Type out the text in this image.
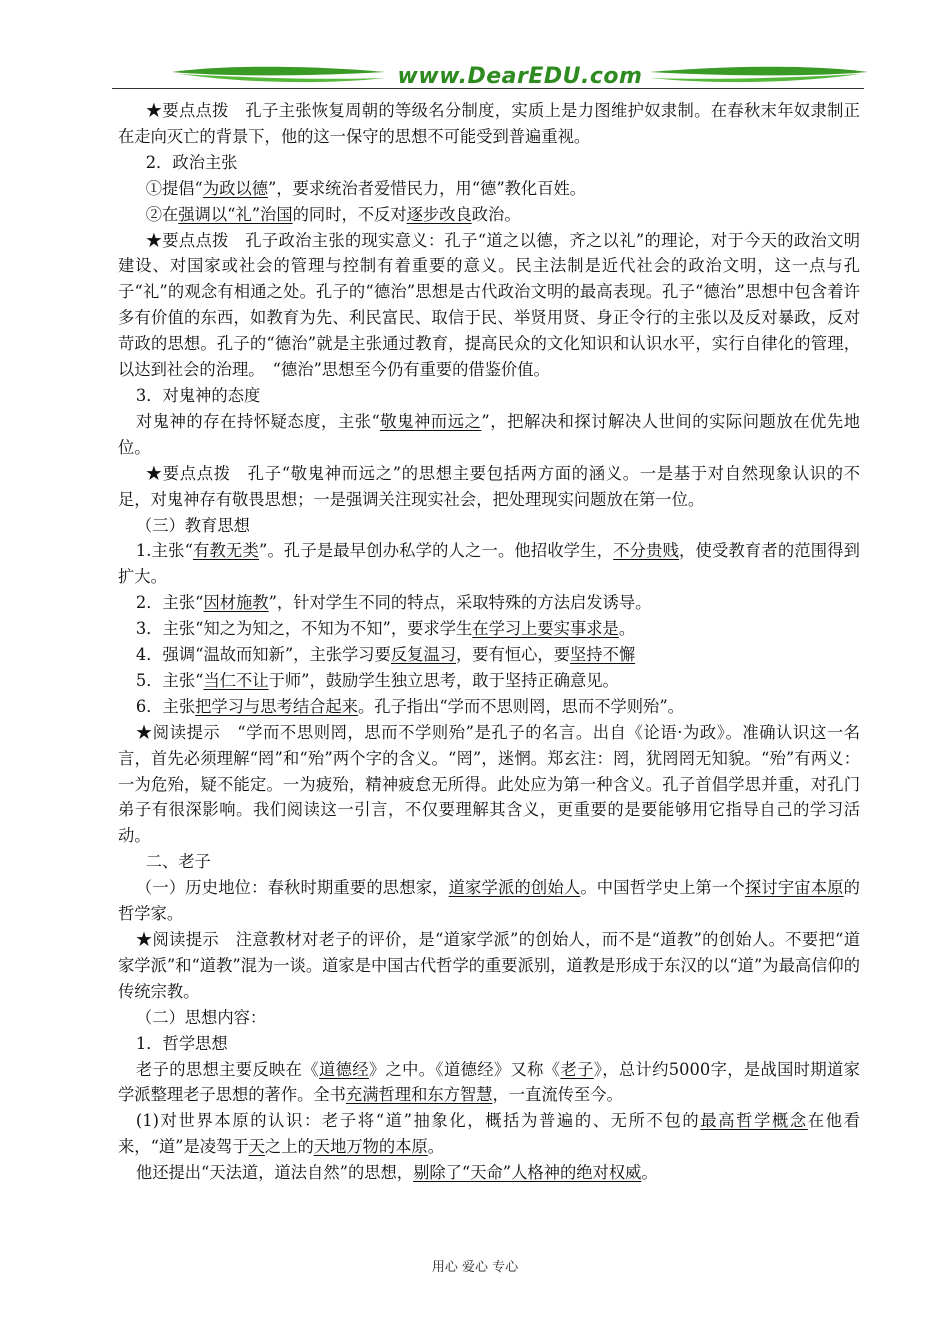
www.DearEDU.com

★要点点拨　孔子主张恢复周朝的等级名分制度，实质上是力图维护奴隶制。在春秋末年奴隶制正在走向灭亡的背景下，他的这一保守的思想不可能受到普遍重视。

2．政治主张

①提倡“为政以德”，要求统治者爱惜民力，用“德”教化百姓。

②在强调以“礼”治国的同时，不反对逐步改良政治。

★要点点拨　孔子政治主张的现实意义：孔子“道之以德，齐之以礼”的理论，对于今天的政治文明建设、对国家或社会的管理与控制有着重要的意义。民主法制是近代社会的政治文明，这一点与孔子“礼”的观念有相通之处。孔子的“德治”思想是古代政治文明的最高表现。孔子“德治”思想中包含着许多有价值的东西，如教育为先、利民富民、取信于民、举贤用贤、身正令行的主张以及反对暴政，反对苛政的思想。孔子的“德治”就是主张通过教育，提高民众的文化知识和认识水平，实行自律化的管理，以达到社会的治理。　“德治”思想至今仍有重要的借鉴价值。

3．对鬼神的态度

对鬼神的存在持怀疑态度，主张“敬鬼神而远之”，把解决和探讨解决人世间的实际问题放在优先地位。

★要点点拨　孔子“敬鬼神而远之”的思想主要包括两方面的涵义。一是基于对自然现象认识的不足，对鬼神存有敬畏思想；一是强调关注现实社会，把处理现实问题放在第一位。

（三）教育思想

1.主张“有教无类”。孔子是最早创办私学的人之一。他招收学生，不分贵贱，使受教育者的范围得到扩大。

2．主张“因材施教”，针对学生不同的特点，采取特殊的方法启发诱导。

3．主张“知之为知之，不知为不知”，要求学生在学习上要实事求是。

4．强调“温故而知新”，主张学习要反复温习，要有恒心，要坚持不懈

5．主张“当仁不让于师”，鼓励学生独立思考，敢于坚持正确意见。

6．主张把学习与思考结合起来。孔子指出“学而不思则罔，思而不学则殆”。

★阅读提示　“学而不思则罔，思而不学则殆”是孔子的名言。出自《论语·为政》。准确认识这一名言，首先必须理解“罔”和“殆”两个字的含义。“罔”，迷惘。郑玄注：罔，犹罔罔无知貌。“殆”有两义：一为危殆，疑不能定。一为疲殆，精神疲怠无所得。此处应为第一种含义。孔子首倡学思并重，对孔门弟子有很深影响。我们阅读这一引言，不仅要理解其含义，更重要的是要能够用它指导自己的学习活动。

二、老子

（一）历史地位：春秋时期重要的思想家，道家学派的创始人。中国哲学史上第一个探讨宇宙本原的哲学家。

★阅读提示　注意教材对老子的评价，是“道家学派”的创始人，而不是“道教”的创始人。不要把“道家学派”和“道教”混为一谈。道家是中国古代哲学的重要派别，道教是形成于东汉的以“道”为最高信仰的传统宗教。

（二）思想内容：

1．哲学思想

老子的思想主要反映在《道德经》之中。《道德经》又称《老子》，总计约5000字，是战国时期道家学派整理老子思想的著作。全书充满哲理和东方智慧，一直流传至今。

(1)对世界本原的认识：老子将“道”抽象化，概括为普遍的、无所不包的最高哲学概念在他看来，“道”是凌驾于天之上的天地万物的本原。

他还提出“天法道，道法自然”的思想，剔除了“天命”人格神的绝对权威。

用心 爱心 专心
